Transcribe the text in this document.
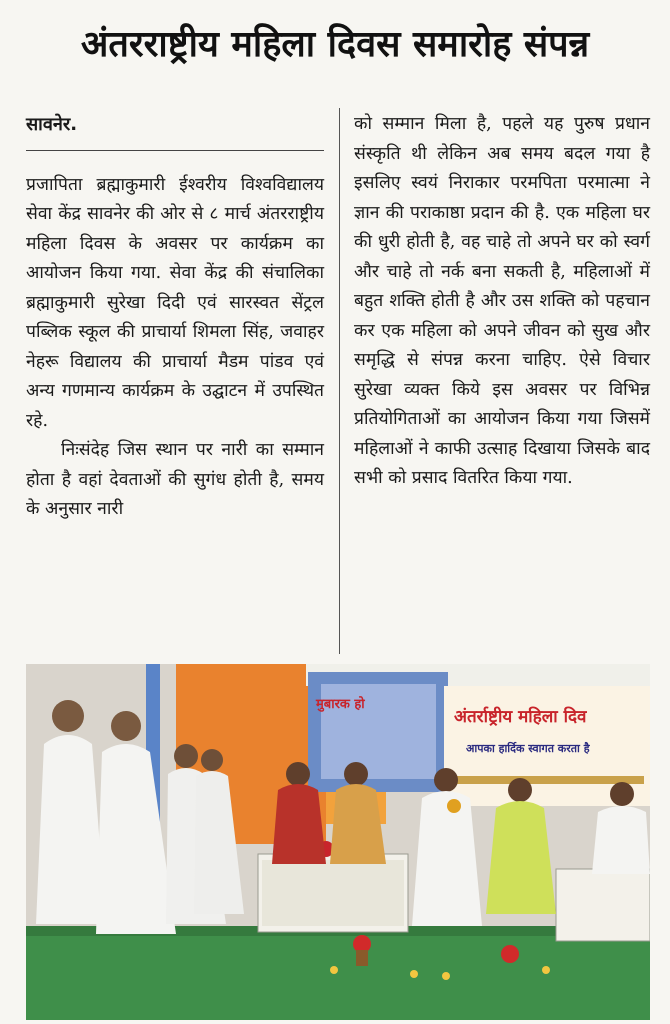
अंतरराष्ट्रीय महिला दिवस समारोह संपन्न
सावनेर.

प्रजापिता ब्रह्माकुमारी ईश्वरीय विश्वविद्यालय सेवा केंद्र सावनेर की ओर से ८ मार्च अंतरराष्ट्रीय महिला दिवस के अवसर पर कार्यक्रम का आयोजन किया गया. सेवा केंद्र की संचालिका ब्रह्माकुमारी सुरेखा दिदी एवं सारस्वत सेंट्रल पब्लिक स्कूल की प्राचार्या शिमला सिंह, जवाहर नेहरू विद्यालय की प्राचार्या मैडम पांडव एवं अन्य गणमान्य कार्यक्रम के उद्घाटन में उपस्थित रहे.

निःसंदेह जिस स्थान पर नारी का सम्मान होता है वहां देवताओं की सुगंध होती है, समय के अनुसार नारी

को सम्मान मिला है, पहले यह पुरुष प्रधान संस्कृति थी लेकिन अब समय बदल गया है इसलिए स्वयं निराकार परमपिता परमात्मा ने ज्ञान की पराकाष्ठा प्रदान की है. एक महिला घर की धुरी होती है, वह चाहे तो अपने घर को स्वर्ग और चाहे तो नर्क बना सकती है, महिलाओं में बहुत शक्ति होती है और उस शक्ति को पहचान कर एक महिला को अपने जीवन को सुख और समृद्धि से संपन्न करना चाहिए. ऐसे विचार सुरेखा व्यक्त किये इस अवसर पर विभिन्न प्रतियोगिताओं का आयोजन किया गया जिसमें महिलाओं ने काफी उत्साह दिखाया जिसके बाद सभी को प्रसाद वितरित किया गया.

मुबारक हो
अंतर्राष्ट्रीय महिला दिव
आपका हार्दिक स्वागत करता है
